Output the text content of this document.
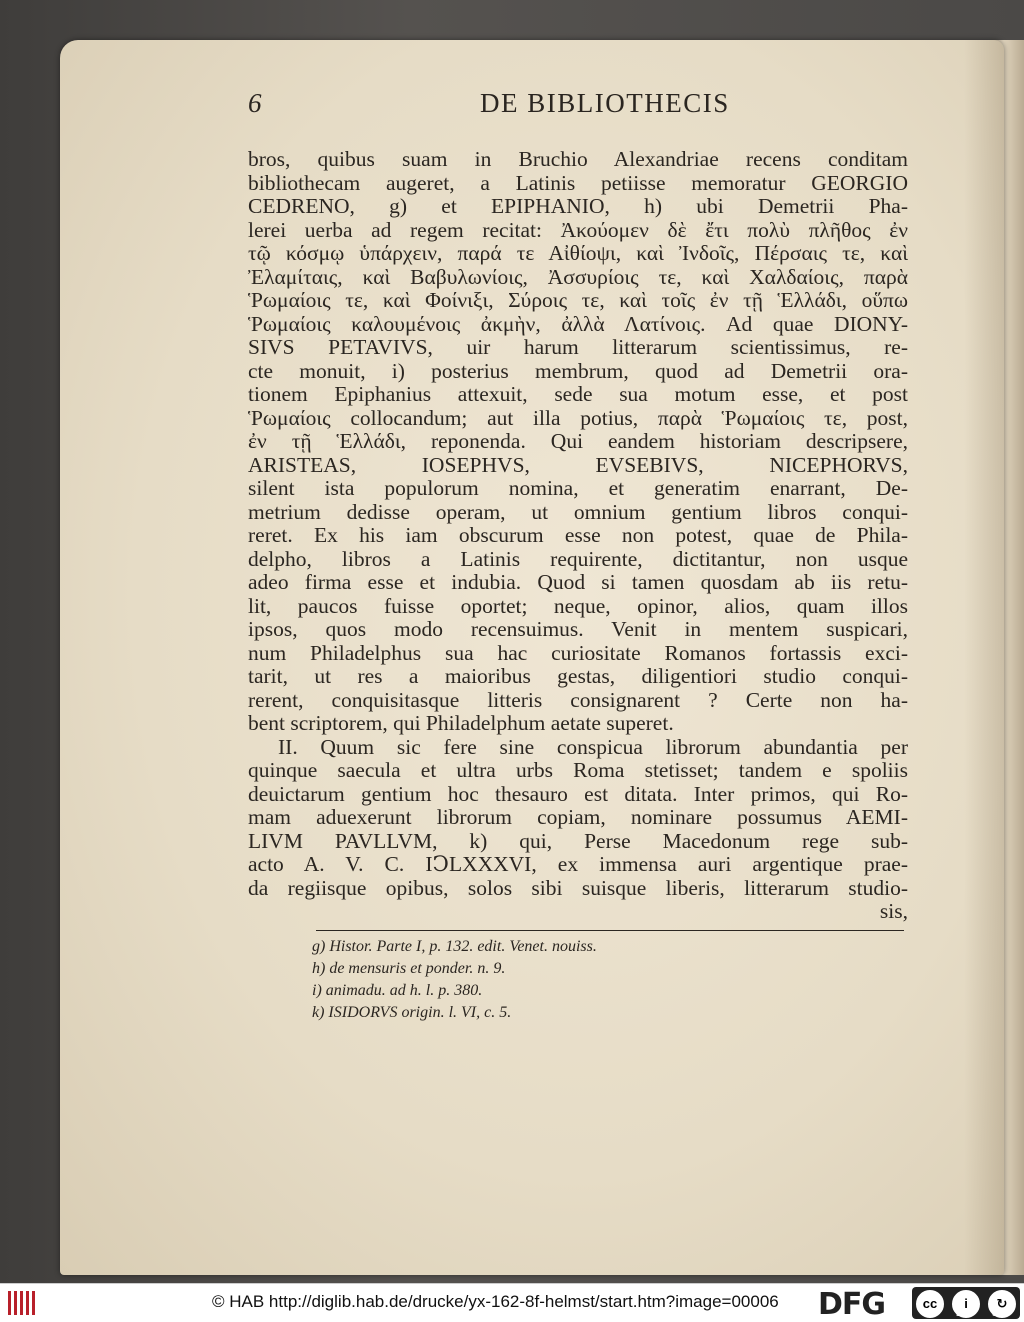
6	DE BIBLIOTHECIS
bros, quibus suam in Bruchio Alexandriae recens conditam
bibliothecam augeret, a Latinis petiisse memoratur GEORGIO
CEDRENO, g) et EPIPHANIO, h) ubi Demetrii Pha-
lerei uerba ad regem recitat: Ἀκούομεν δὲ ἔτι πολὺ πλῆθος ἐν
τῷ κόσμῳ ὑπάρχειν, παρά τε Αἰθίοψι, καὶ Ἰνδοῖς, Πέρσαις τε, καὶ
Ἐλαμίταις, καὶ Βαβυλωνίοις, Ἀσσυρίοις τε, καὶ Χαλδαίοις, παρὰ
Ῥωμαίοις τε, καὶ Φοίνιξι, Σύροις τε, καὶ τοῖς ἐν τῇ Ἑλλάδι, οὕπω
Ῥωμαίοις καλουμένοις ἀκμὴν, ἀλλὰ Λατίνοις. Ad quae DIONY-
SIVS PETAVIVS, uir harum litterarum scientissimus, re-
cte monuit, i) posterius membrum, quod ad Demetrii ora-
tionem Epiphanius attexuit, sede sua motum esse, et post
Ῥωμαίοις collocandum; aut illa potius, παρὰ Ῥωμαίοις τε, post,
ἐν τῇ Ἑλλάδι, reponenda. Qui eandem historiam descripsere,
ARISTEAS, IOSEPHVS, EVSEBIVS, NICEPHORVS,
silent ista populorum nomina, et generatim enarrant, De-
metrium dedisse operam, ut omnium gentium libros conqui-
reret. Ex his iam obscurum esse non potest, quae de Phila-
delpho, libros a Latinis requirente, dictitantur, non usque
adeo firma esse et indubia. Quod si tamen quosdam ab iis retu-
lit, paucos fuisse oportet; neque, opinor, alios, quam illos
ipsos, quos modo recensuimus. Venit in mentem suspicari,
num Philadelphus sua hac curiositate Romanos fortassis exci-
tarit, ut res a maioribus gestas, diligentiori studio conqui-
rerent, conquisitasque litteris consignarent ? Certe non ha-
bent scriptorem, qui Philadelphum aetate superet.
II. Quum sic fere sine conspicua librorum abundantia per
quinque saecula et ultra urbs Roma stetisset; tandem e spoliis
deuictarum gentium hoc thesauro est ditata. Inter primos, qui Ro-
mam aduexerunt librorum copiam, nominare possumus AEMI-
LIVM PAVLLVM, k) qui, Perse Macedonum rege sub-
acto A. V. C. IↃLXXXVI, ex immensa auri argentique prae-
da regiisque opibus, solos sibi suisque liberis, litterarum studio-
sis,
g) Histor. Parte I, p. 132. edit. Venet. nouiss.
h) de mensuris et ponder. n. 9.
i) animadu. ad h. l. p. 380.
k) ISIDORVS origin. l. VI, c. 5.
© HAB http://diglib.hab.de/drucke/yx-162-8f-helmst/start.htm?image=00006 DFG	cc	i
BY
↻
SA
